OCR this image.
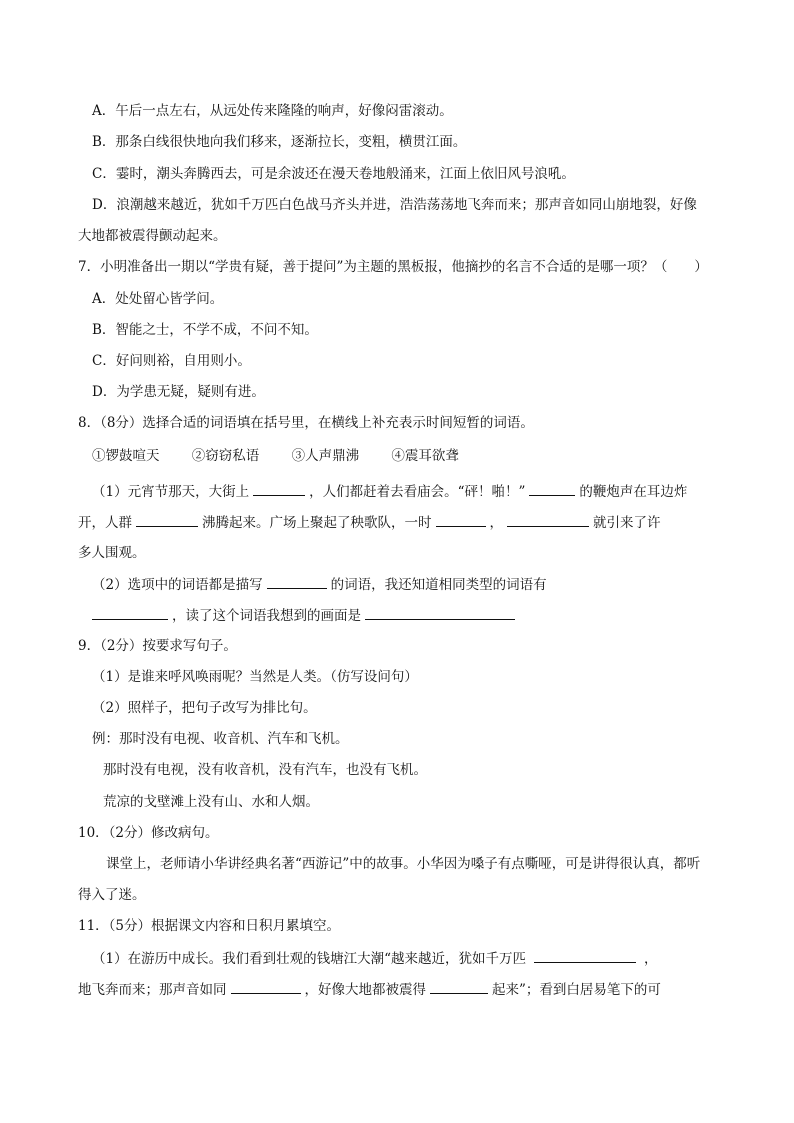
A．午后一点左右，从远处传来隆隆的响声，好像闷雷滚动。
B．那条白线很快地向我们移来，逐渐拉长，变粗，横贯江面。
C．霎时，潮头奔腾西去，可是余波还在漫天卷地般涌来，江面上依旧风号浪吼。
D．浪潮越来越近，犹如千万匹白色战马齐头并进，浩浩荡荡地飞奔而来；那声音如同山崩地裂，好像
大地都被震得颤动起来。
7．小明准备出一期以“学贵有疑，善于提问”为主题的黑板报，他摘抄的名言不合适的是哪一项？（　　）
A．处处留心皆学问。
B．智能之士，不学不成，不问不知。
C．好问则裕，自用则小。
D．为学患无疑，疑则有进。
8．（8分）选择合适的词语填在括号里，在横线上补充表示时间短暂的词语。
①锣鼓喧天 ②窃窃私语 ③人声鼎沸 ④震耳欲聋
（1）元宵节那天，大街上	，人们都赶着去看庙会。“砰！啪！”	的鞭炮声在耳边炸
开，人群	沸腾起来。广场上聚起了秧歌队，一时	，	就引来了许
多人围观。
（2）选项中的词语都是描写	的词语，我还知道相同类型的词语有
，读了这个词语我想到的画面是
9．（2分）按要求写句子。
（1）是谁来呼风唤雨呢？当然是人类。（仿写设问句）
（2）照样子，把句子改写为排比句。
例：那时没有电视、收音机、汽车和飞机。
那时没有电视，没有收音机，没有汽车，也没有飞机。
荒凉的戈壁滩上没有山、水和人烟。
10．（2分）修改病句。
课堂上，老师请小华讲经典名著“西游记”中的故事。小华因为嗓子有点嘶哑，可是讲得很认真，都听
得入了迷。
11．（5分）根据课文内容和日积月累填空。
（1）在游历中成长。我们看到壮观的钱塘江大潮“越来越近，犹如千万匹	，
地飞奔而来；那声音如同	，好像大地都被震得	起来”；看到白居易笔下的可
